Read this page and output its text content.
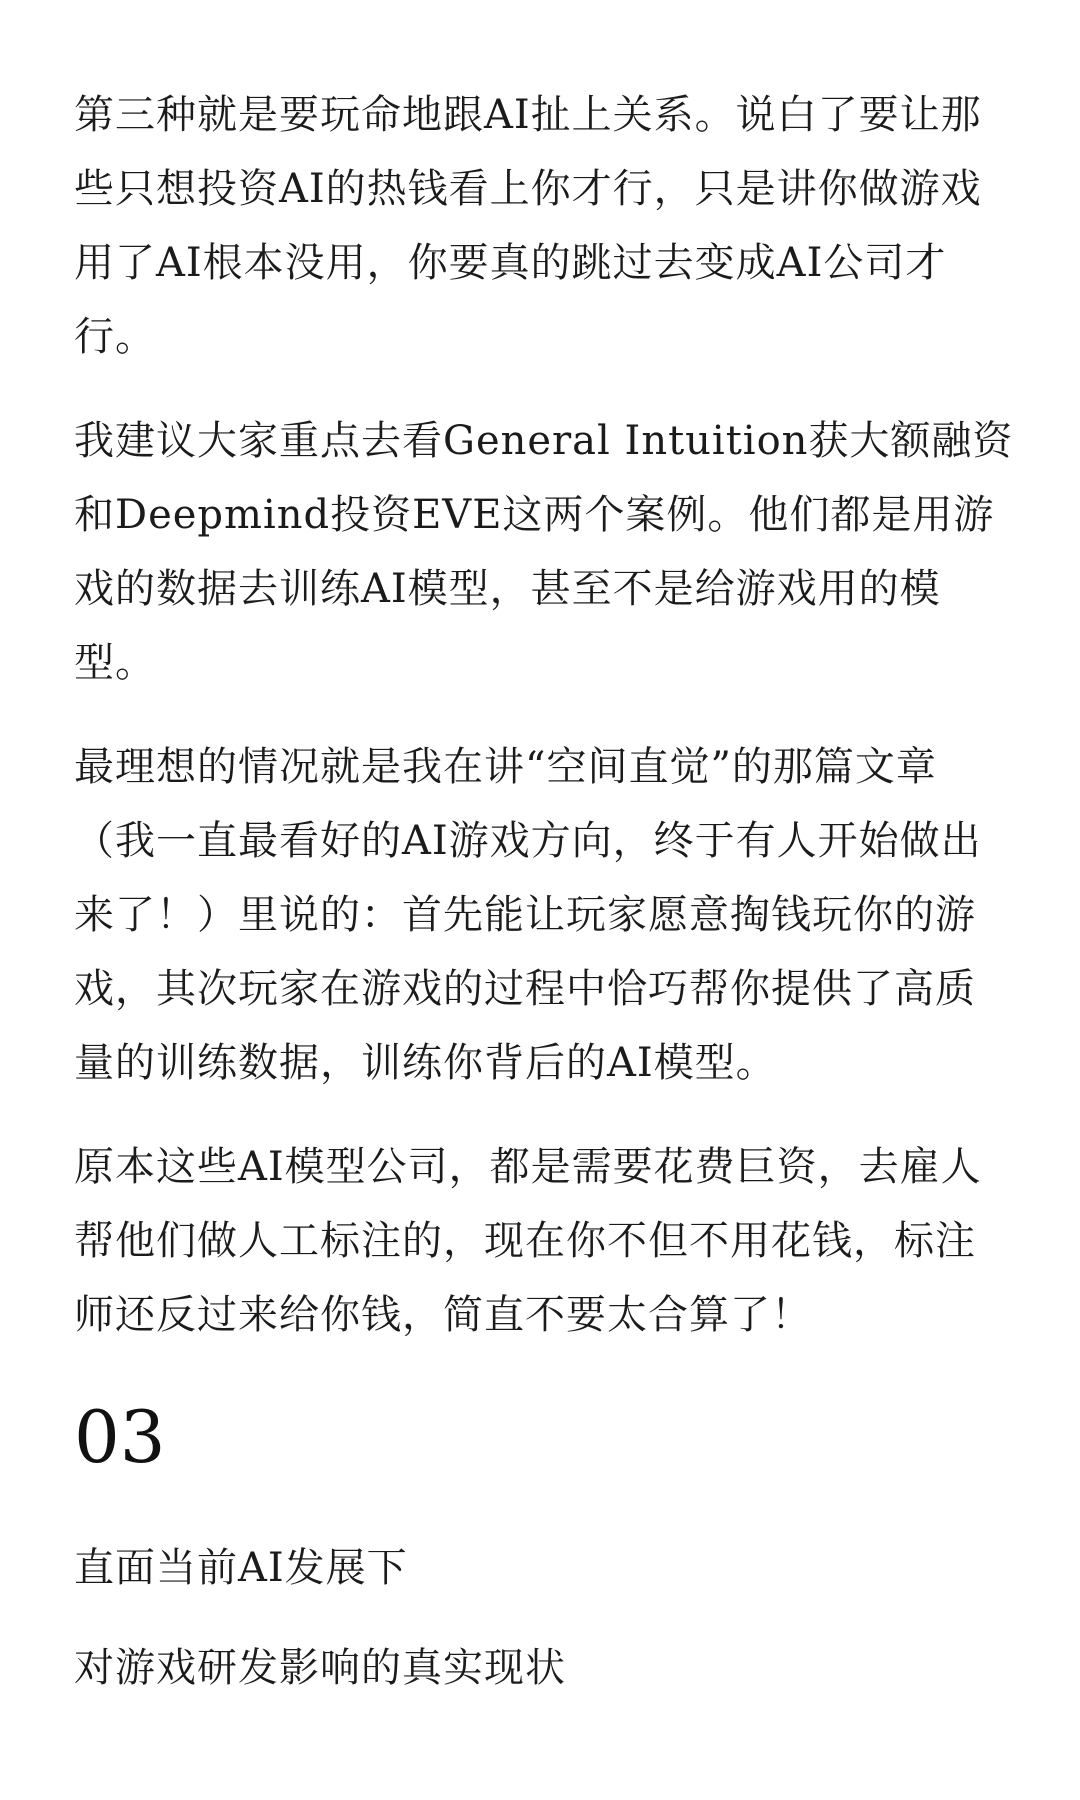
第三种就是要玩命地跟AI扯上关系。说白了要让那些只想投资AI的热钱看上你才行，只是讲你做游戏用了AI根本没用，你要真的跳过去变成AI公司才行。

我建议大家重点去看General Intuition获大额融资和Deepmind投资EVE这两个案例。他们都是用游戏的数据去训练AI模型，甚至不是给游戏用的模型。

最理想的情况就是我在讲“空间直觉”的那篇文章（我一直最看好的AI游戏方向，终于有人开始做出来了！）里说的：首先能让玩家愿意掏钱玩你的游戏，其次玩家在游戏的过程中恰巧帮你提供了高质量的训练数据，训练你背后的AI模型。

原本这些AI模型公司，都是需要花费巨资，去雇人帮他们做人工标注的，现在你不但不用花钱，标注师还反过来给你钱，简直不要太合算了！

03
直面当前AI发展下
对游戏研发影响的真实现状
